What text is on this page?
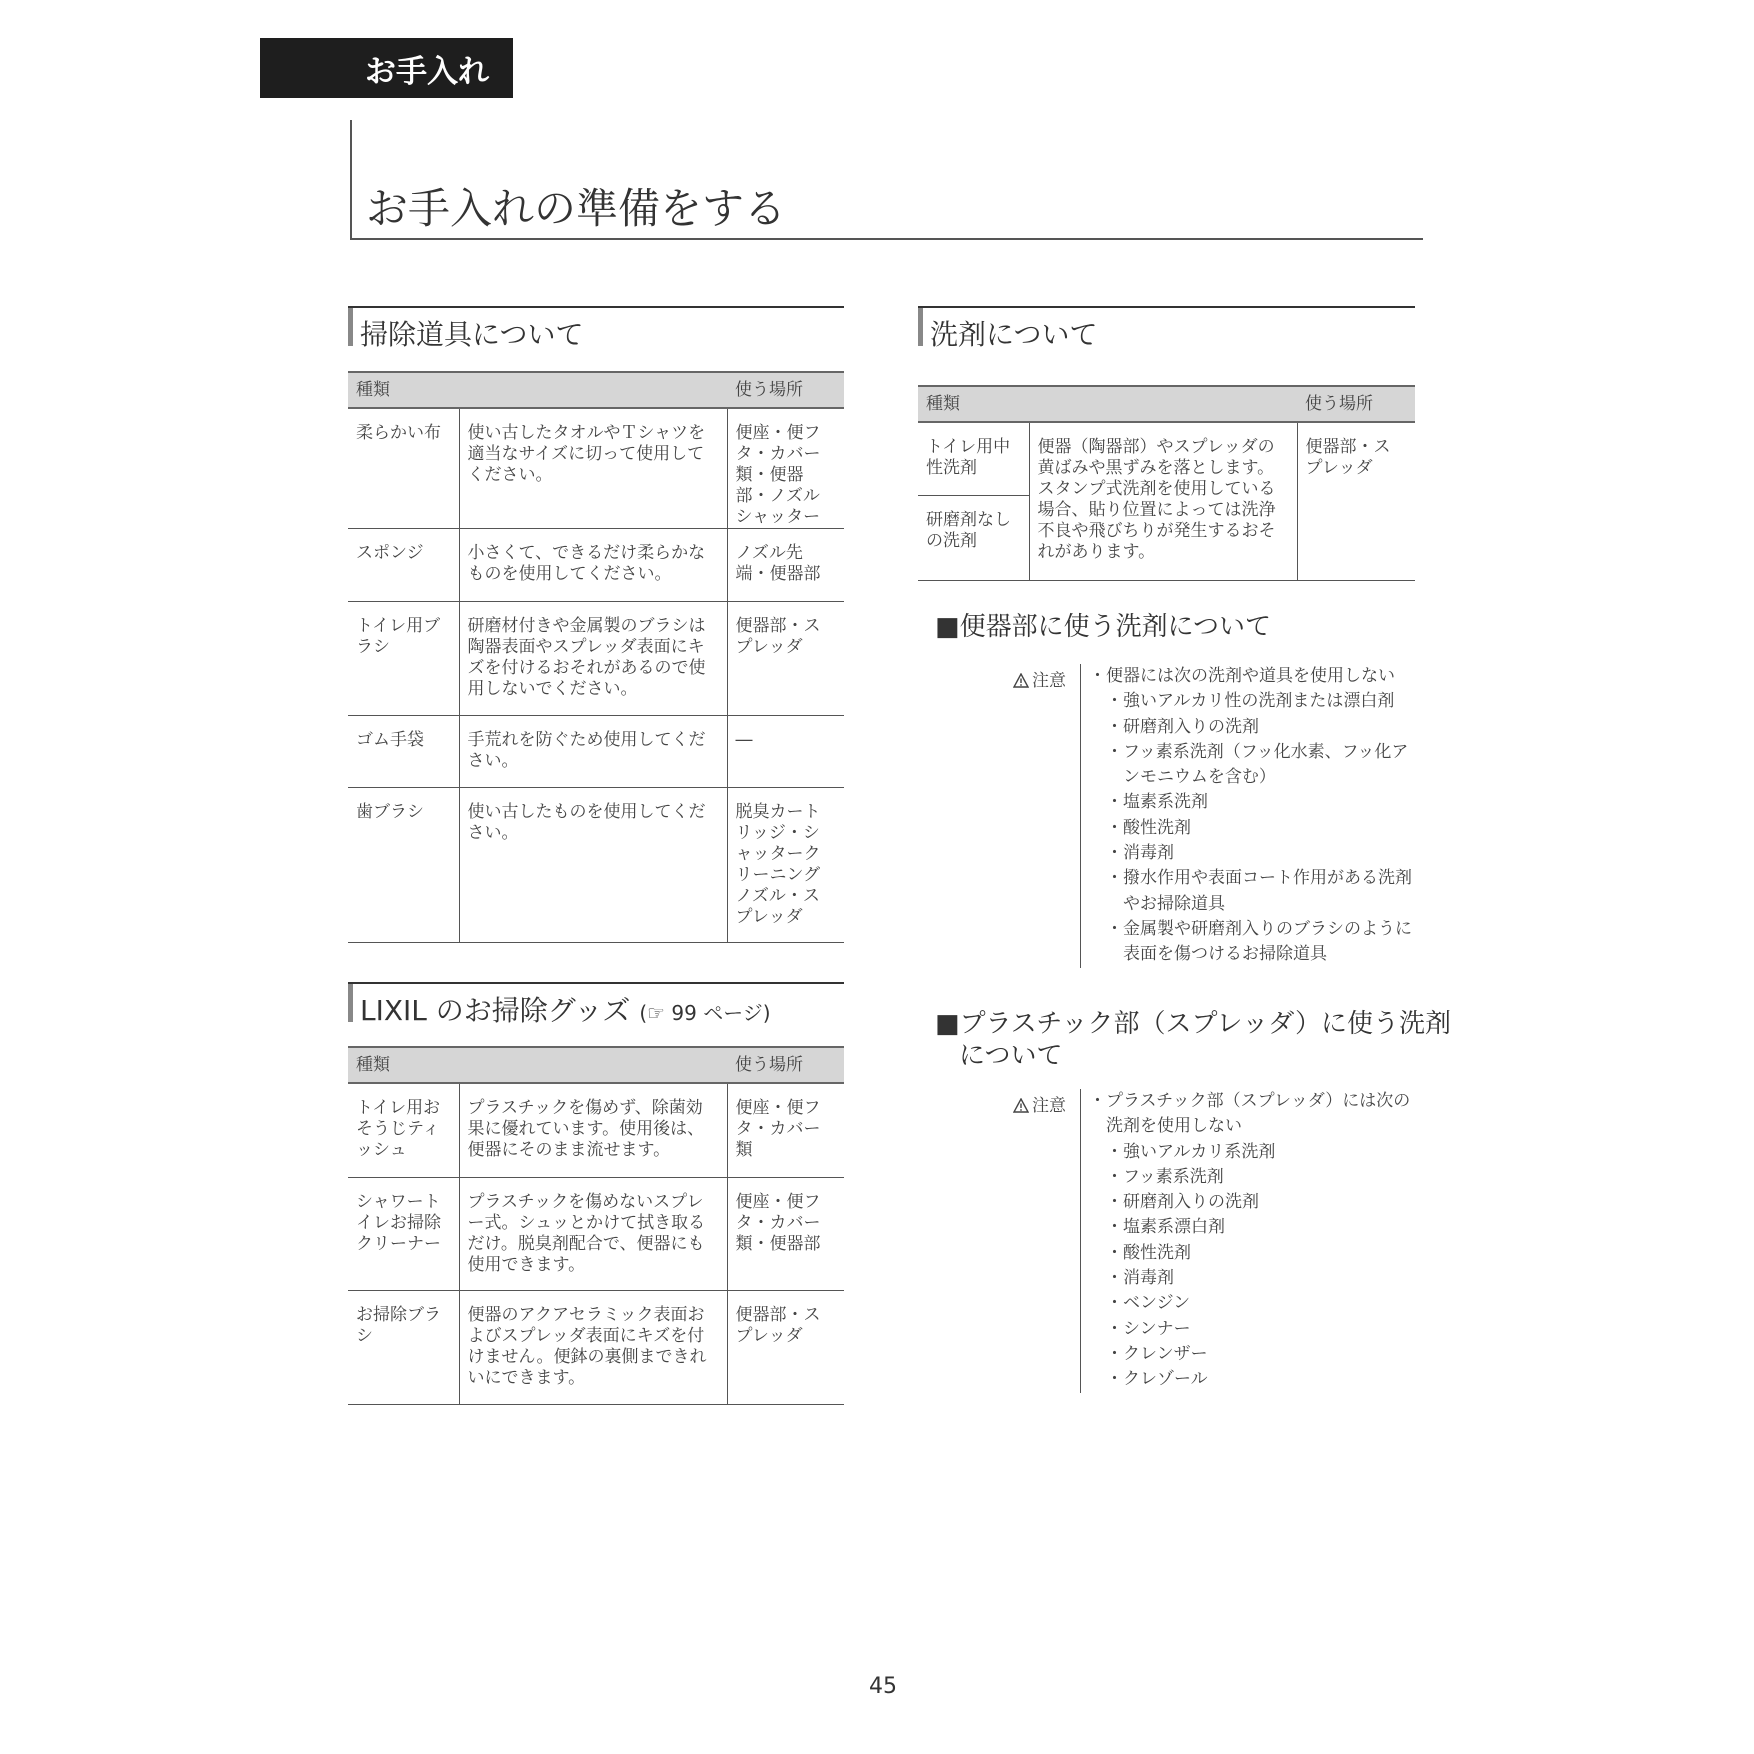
お手入れ
お手入れの準備をする
掃除道具について
種類		使う場所
柔らかい布	使い古したタオルやＴシャツを適当なサイズに切って使用してください。	便座・便フタ・カバー類・便器部・ノズルシャッター
スポンジ	小さくて、できるだけ柔らかなものを使用してください。	ノズル先端・便器部
トイレ用ブラシ	研磨材付きや金属製のブラシは陶器表面やスプレッダ表面にキズを付けるおそれがあるので使用しないでください。	便器部・スプレッダ
ゴム手袋	手荒れを防ぐため使用してください。	―
歯ブラシ	使い古したものを使用してください。	脱臭カートリッジ・シャッタークリーニングノズル・スプレッダ
LIXIL のお掃除グッズ (☞ 99 ページ)
種類		使う場所
トイレ用おそうじティッシュ	プラスチックを傷めず、除菌効果に優れています。使用後は、便器にそのまま流せます。	便座・便フタ・カバー類
シャワートイレお掃除クリーナー	プラスチックを傷めないスプレー式。シュッとかけて拭き取るだけ。脱臭剤配合で、便器にも使用できます。	便座・便フタ・カバー類・便器部
お掃除ブラシ	便器のアクアセラミック表面およびスプレッダ表面にキズを付けません。便鉢の裏側まできれいにできます。	便器部・スプレッダ
洗剤について
種類		使う場所
トイレ用中性洗剤	便器（陶器部）やスプレッダの黄ばみや黒ずみを落とします。スタンプ式洗剤を使用している場合、貼り位置によっては洗浄不良や飛びちりが発生するおそれがあります。	便器部・スプレッダ
研磨剤なしの洗剤		
■便器部に使う洗剤について
注意 ・便器には次の洗剤や道具を使用しない
・強いアルカリ性の洗剤または漂白剤
・研磨剤入りの洗剤
・フッ素系洗剤（フッ化水素、フッ化アンモニウムを含む）
・塩素系洗剤
・酸性洗剤
・消毒剤
・撥水作用や表面コート作用がある洗剤やお掃除道具
・金属製や研磨剤入りのブラシのように表面を傷つけるお掃除道具
■プラスチック部（スプレッダ）に使う洗剤
について
注意 ・プラスチック部（スプレッダ）には次の洗剤を使用しない
・強いアルカリ系洗剤
・フッ素系洗剤
・研磨剤入りの洗剤
・塩素系漂白剤
・酸性洗剤
・消毒剤
・ベンジン
・シンナー
・クレンザー
・クレゾール
45
